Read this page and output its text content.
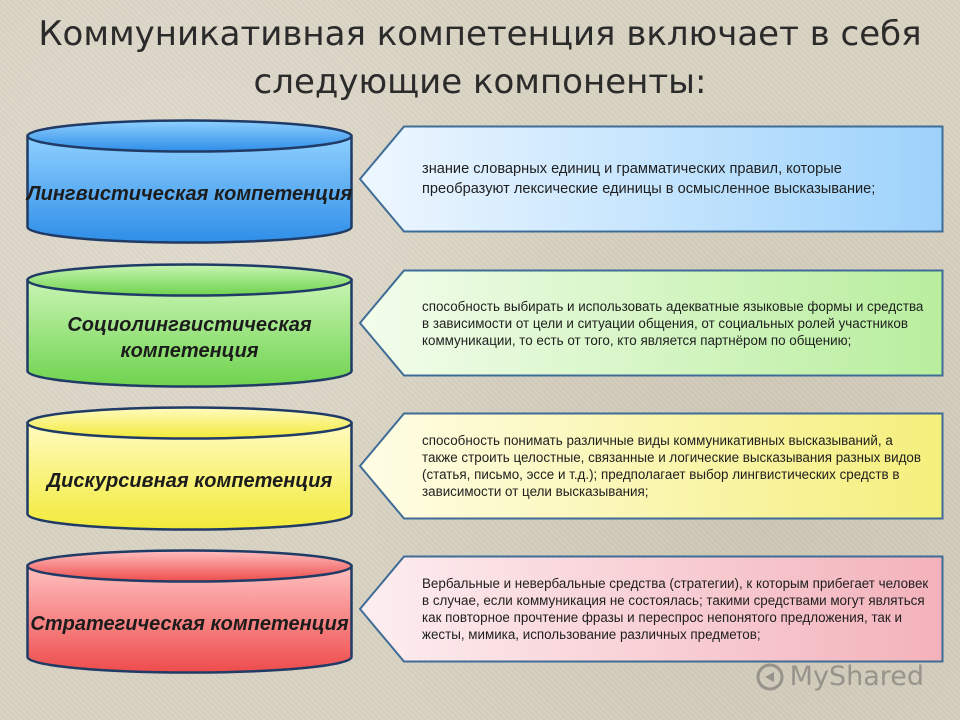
Коммуникативная компетенция включает в себя следующие компоненты:
Лингвистическая компетенция
знание словарных единиц и грамматических правил, которые преобразуют лексические единицы в осмысленное высказывание;
Социолингвистическая компетенция
способность выбирать и использовать адекватные языковые формы и средства в зависимости от цели и ситуации общения, от социальных ролей участников коммуникации, то есть от того, кто является партнёром по общению;
Дискурсивная компетенция
способность понимать различные виды коммуникативных высказываний, а также строить целостные, связанные и логические высказывания разных видов (статья, письмо, эссе и т.д.); предполагает выбор лингвистических средств в зависимости от цели высказывания;
Стратегическая компетенция
Вербальные и невербальные средства (стратегии), к которым прибегает человек в случае, если коммуникация не состоялась; такими средствами могут являться как повторное прочтение фразы и переспрос непонятого предложения, так и жесты, мимика, использование различных предметов;
MyShared
